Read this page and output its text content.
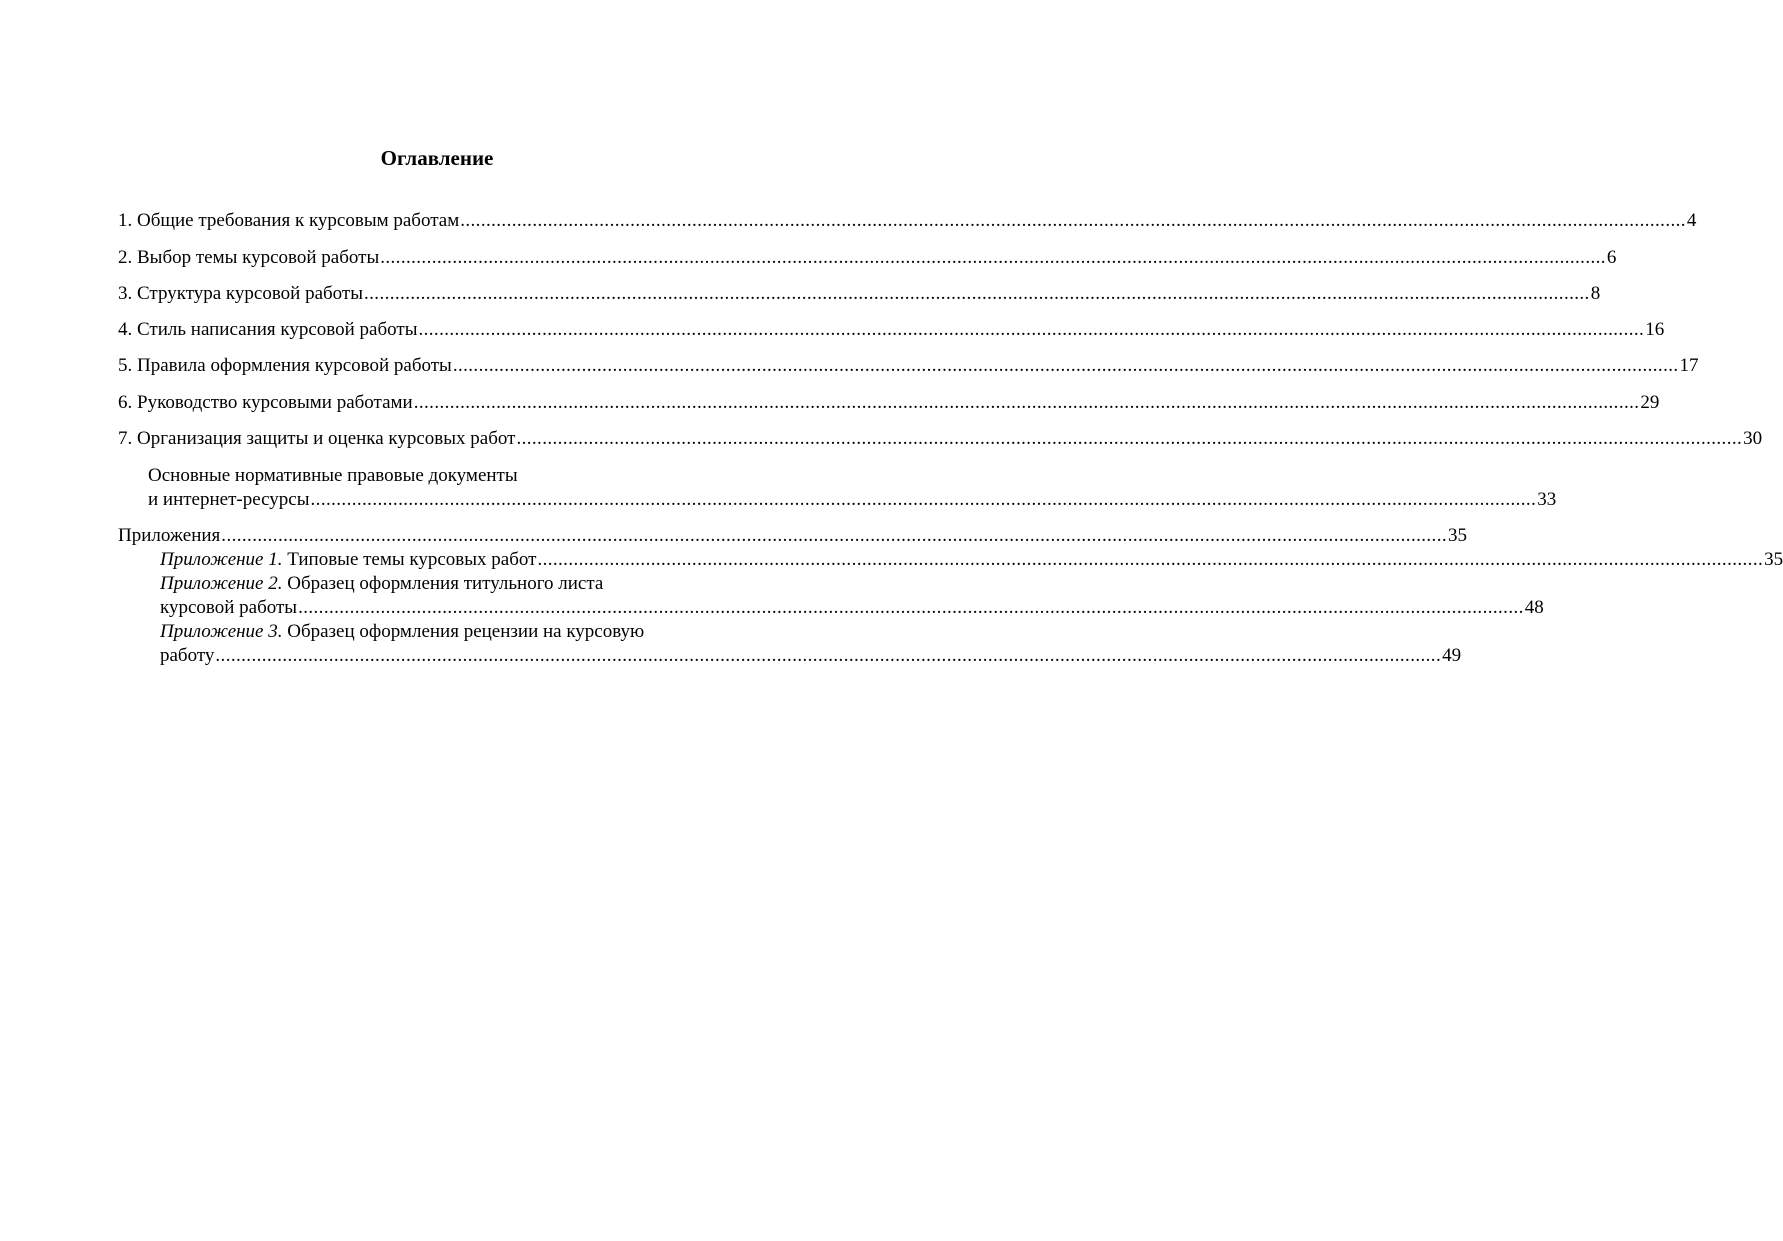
Оглавление
1. Общие требования к курсовым работам .............................................................................................................................................................................................................................................. 4
2. Выбор темы курсовой работы .............................................................................................................................................................................................................................................. 6
3. Структура курсовой работы .............................................................................................................................................................................................................................................. 8
4. Стиль написания курсовой работы .............................................................................................................................................................................................................................................. 16
5. Правила оформления курсовой работы .............................................................................................................................................................................................................................................. 17
6. Руководство курсовыми работами .............................................................................................................................................................................................................................................. 29
7. Организация защиты и оценка курсовых работ .............................................................................................................................................................................................................................................. 30
Основные нормативные правовые документы
и интернет-ресурсы .............................................................................................................................................................................................................................................. 33
Приложения .............................................................................................................................................................................................................................................. 35
Приложение 1. Типовые темы курсовых работ .............................................................................................................................................................................................................................................. 35
Приложение 2. Образец оформления титульного листа
курсовой работы .............................................................................................................................................................................................................................................. 48
Приложение 3. Образец оформления рецензии на курсовую
работу .............................................................................................................................................................................................................................................. 49
